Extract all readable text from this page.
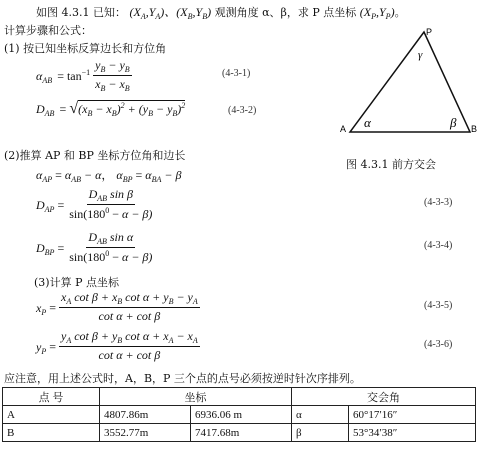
如图 4.3.1 已知： $(X_A,Y_A)$、$(X_B,Y_B)$ 观测角度 α、β，求 P 点坐标 $(X_P,Y_P)$。
计算步骤和公式：
(1) 按已知坐标反算边长和方位角
$\alpha_{AB} = \tan^{-1} \frac{y_B - y_B}{x_B - x_B}$	(4-3-1)
$D_{AB} = √(x_B - x_B)^2 + (y_B - y_B)^2$	(4-3-2)
(2)推算 AP 和 BP 坐标方位角和边长
$\alpha_{AP} = \alpha_{AB} - \alpha$， $\alpha_{BP} = \alpha_{BA} - \beta$
$D_{AP} = \frac{D_{AB} \sin \beta}{\sin(180^0 - \alpha - \beta)}$	(4-3-3)
$D_{BP} = \frac{D_{AB} \sin \alpha}{\sin(180^0 - \alpha - \beta)}$	(4-3-4)
(3)计算 P 点坐标
$x_P = \frac{x_A \cot \beta + x_B \cot \alpha + y_B - y_A}{\text{cot α + cot β}}$	(4-3-5)
$y_P = \frac{y_A \cot \beta + y_B \cot \alpha + x_A - x_A}{\text{cot α + cot β}}$	(4-3-6)
P
A	B
α	β
γ
图 4.3.1 前方交会
应注意，用上述公式时，A，B，P 三个点的点号必须按逆时针次序排列。
点 号	坐标		交会角	
A	4807.86m	6936.06 m	α	60°17′16″
B	3552.77m	7417.68m	β	53°34′38″
